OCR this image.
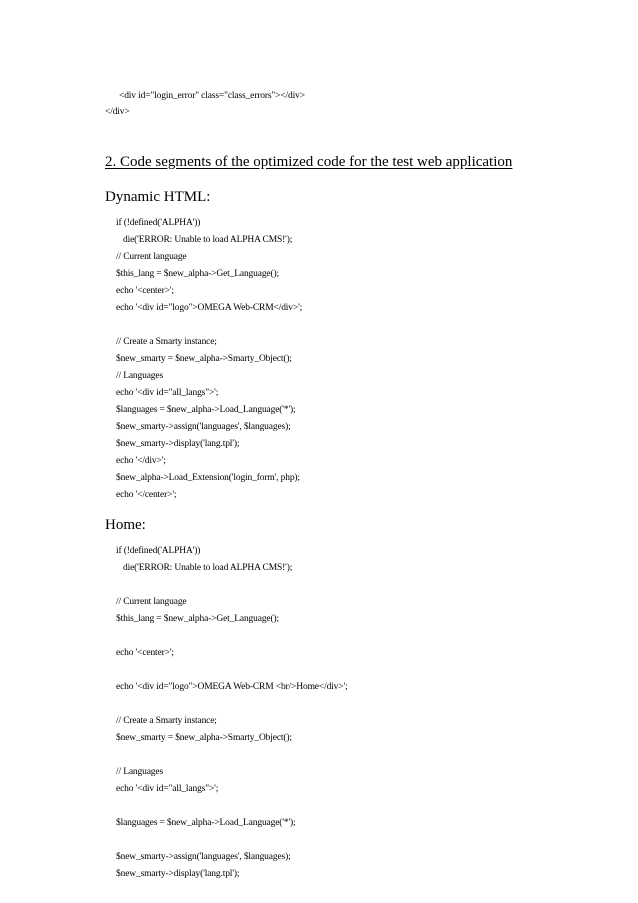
<div id="login_error" class="class_errors"></div>
</div>
2. Code segments of the optimized code for the test web application
Dynamic HTML:
if (!defined('ALPHA'))
die('ERROR: Unable to load ALPHA CMS!');
// Current language
$this_lang = $new_alpha->Get_Language();
echo '<center>';
echo '<div id="logo">OMEGA Web-CRM</div>';
// Create a Smarty instance;
$new_smarty = $new_alpha->Smarty_Object();
// Languages
echo '<div id="all_langs">';
$languages = $new_alpha->Load_Language('*');
$new_smarty->assign('languages', $languages);
$new_smarty->display('lang.tpl');
echo '</div>';
$new_alpha->Load_Extension('login_form', php);
echo '</center>';
Home:
if (!defined('ALPHA'))
die('ERROR: Unable to load ALPHA CMS!');
// Current language
$this_lang = $new_alpha->Get_Language();
echo '<center>';
echo '<div id="logo">OMEGA Web-CRM <br/>Home</div>';
// Create a Smarty instance;
$new_smarty = $new_alpha->Smarty_Object();
// Languages
echo '<div id="all_langs">';
$languages = $new_alpha->Load_Language('*');
$new_smarty->assign('languages', $languages);
$new_smarty->display('lang.tpl');
